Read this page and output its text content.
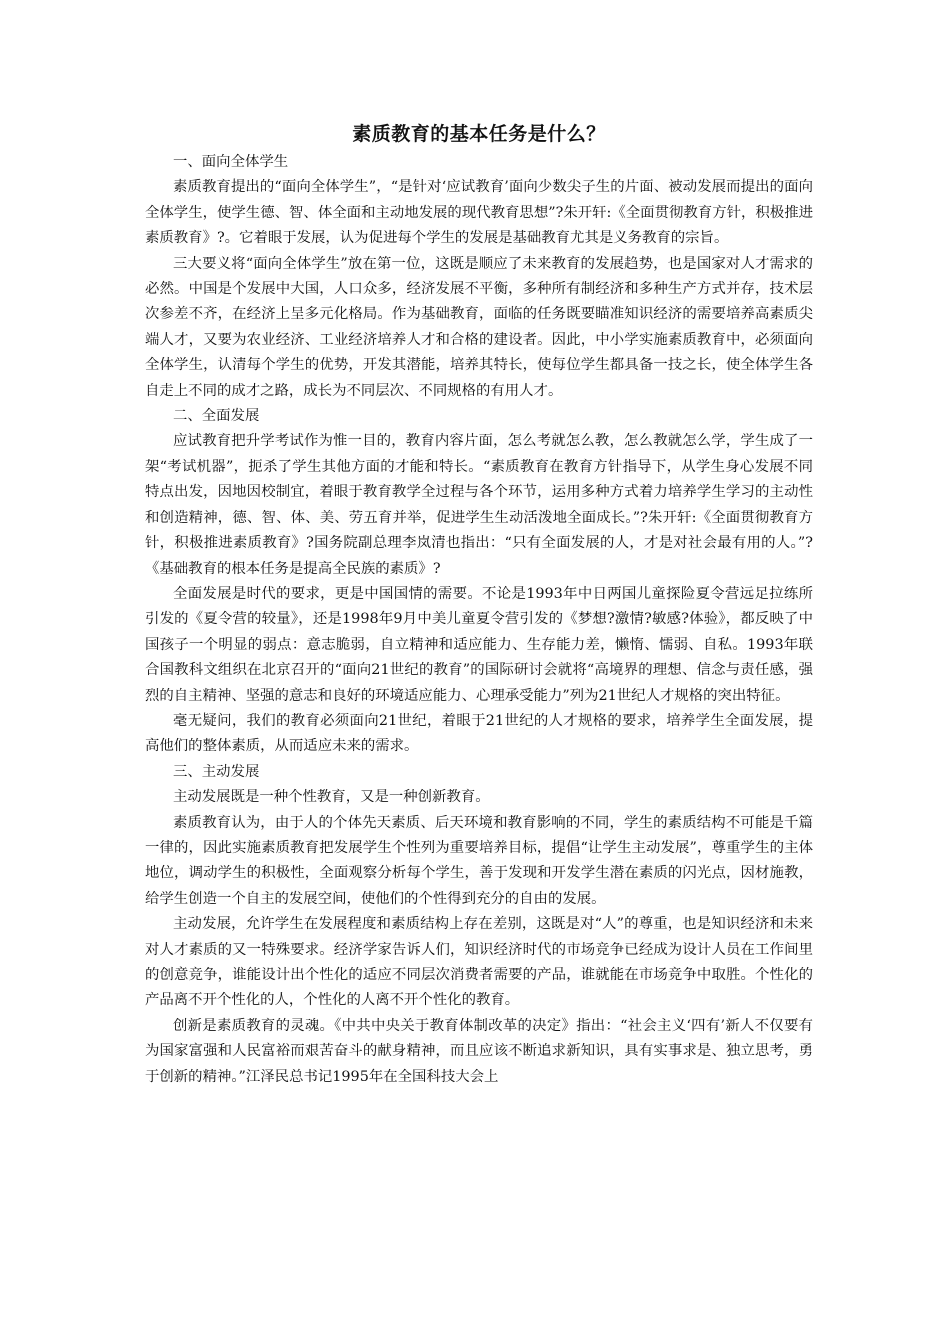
素质教育的基本任务是什么？

一、面向全体学生

素质教育提出的“面向全体学生”，“是针对‘应试教育’面向少数尖子生的片面、被动发展而提出的面向全体学生，使学生德、智、体全面和主动地发展的现代教育思想”?朱开轩:《全面贯彻教育方针，积极推进素质教育》?。它着眼于发展，认为促进每个学生的发展是基础教育尤其是义务教育的宗旨。

三大要义将“面向全体学生”放在第一位，这既是顺应了未来教育的发展趋势，也是国家对人才需求的必然。中国是个发展中大国，人口众多，经济发展不平衡，多种所有制经济和多种生产方式并存，技术层次参差不齐，在经济上呈多元化格局。作为基础教育，面临的任务既要瞄准知识经济的需要培养高素质尖端人才，又要为农业经济、工业经济培养人才和合格的建设者。因此，中小学实施素质教育中，必须面向全体学生，认清每个学生的优势，开发其潜能，培养其特长，使每位学生都具备一技之长，使全体学生各自走上不同的成才之路，成长为不同层次、不同规格的有用人才。

二、全面发展

应试教育把升学考试作为惟一目的，教育内容片面，怎么考就怎么教，怎么教就怎么学，学生成了一架“考试机器”，扼杀了学生其他方面的才能和特长。“素质教育在教育方针指导下，从学生身心发展不同特点出发，因地因校制宜，着眼于教育教学全过程与各个环节，运用多种方式着力培养学生学习的主动性和创造精神，德、智、体、美、劳五育并举，促进学生生动活泼地全面成长。”?朱开轩:《全面贯彻教育方针，积极推进素质教育》?国务院副总理李岚清也指出：“只有全面发展的人，才是对社会最有用的人。”?《基础教育的根本任务是提高全民族的素质》?

全面发展是时代的要求，更是中国国情的需要。不论是1993年中日两国儿童探险夏令营远足拉练所引发的《夏令营的较量》，还是1998年9月中美儿童夏令营引发的《梦想?激情?敏感?体验》，都反映了中国孩子一个明显的弱点：意志脆弱，自立精神和适应能力、生存能力差，懒惰、懦弱、自私。1993年联合国教科文组织在北京召开的“面向21世纪的教育”的国际研讨会就将“高境界的理想、信念与责任感，强烈的自主精神、坚强的意志和良好的环境适应能力、心理承受能力”列为21世纪人才规格的突出特征。

毫无疑问，我们的教育必须面向21世纪，着眼于21世纪的人才规格的要求，培养学生全面发展，提高他们的整体素质，从而适应未来的需求。

三、主动发展

主动发展既是一种个性教育，又是一种创新教育。

素质教育认为，由于人的个体先天素质、后天环境和教育影响的不同，学生的素质结构不可能是千篇一律的，因此实施素质教育把发展学生个性列为重要培养目标，提倡“让学生主动发展”，尊重学生的主体地位，调动学生的积极性，全面观察分析每个学生，善于发现和开发学生潜在素质的闪光点，因材施教，给学生创造一个自主的发展空间，使他们的个性得到充分的自由的发展。

主动发展，允许学生在发展程度和素质结构上存在差别，这既是对“人”的尊重，也是知识经济和未来对人才素质的又一特殊要求。经济学家告诉人们，知识经济时代的市场竞争已经成为设计人员在工作间里的创意竞争，谁能设计出个性化的适应不同层次消费者需要的产品，谁就能在市场竞争中取胜。个性化的产品离不开个性化的人，个性化的人离不开个性化的教育。

创新是素质教育的灵魂。《中共中央关于教育体制改革的决定》指出：“社会主义‘四有’新人不仅要有为国家富强和人民富裕而艰苦奋斗的献身精神，而且应该不断追求新知识，具有实事求是、独立思考，勇于创新的精神。”江泽民总书记1995年在全国科技大会上
